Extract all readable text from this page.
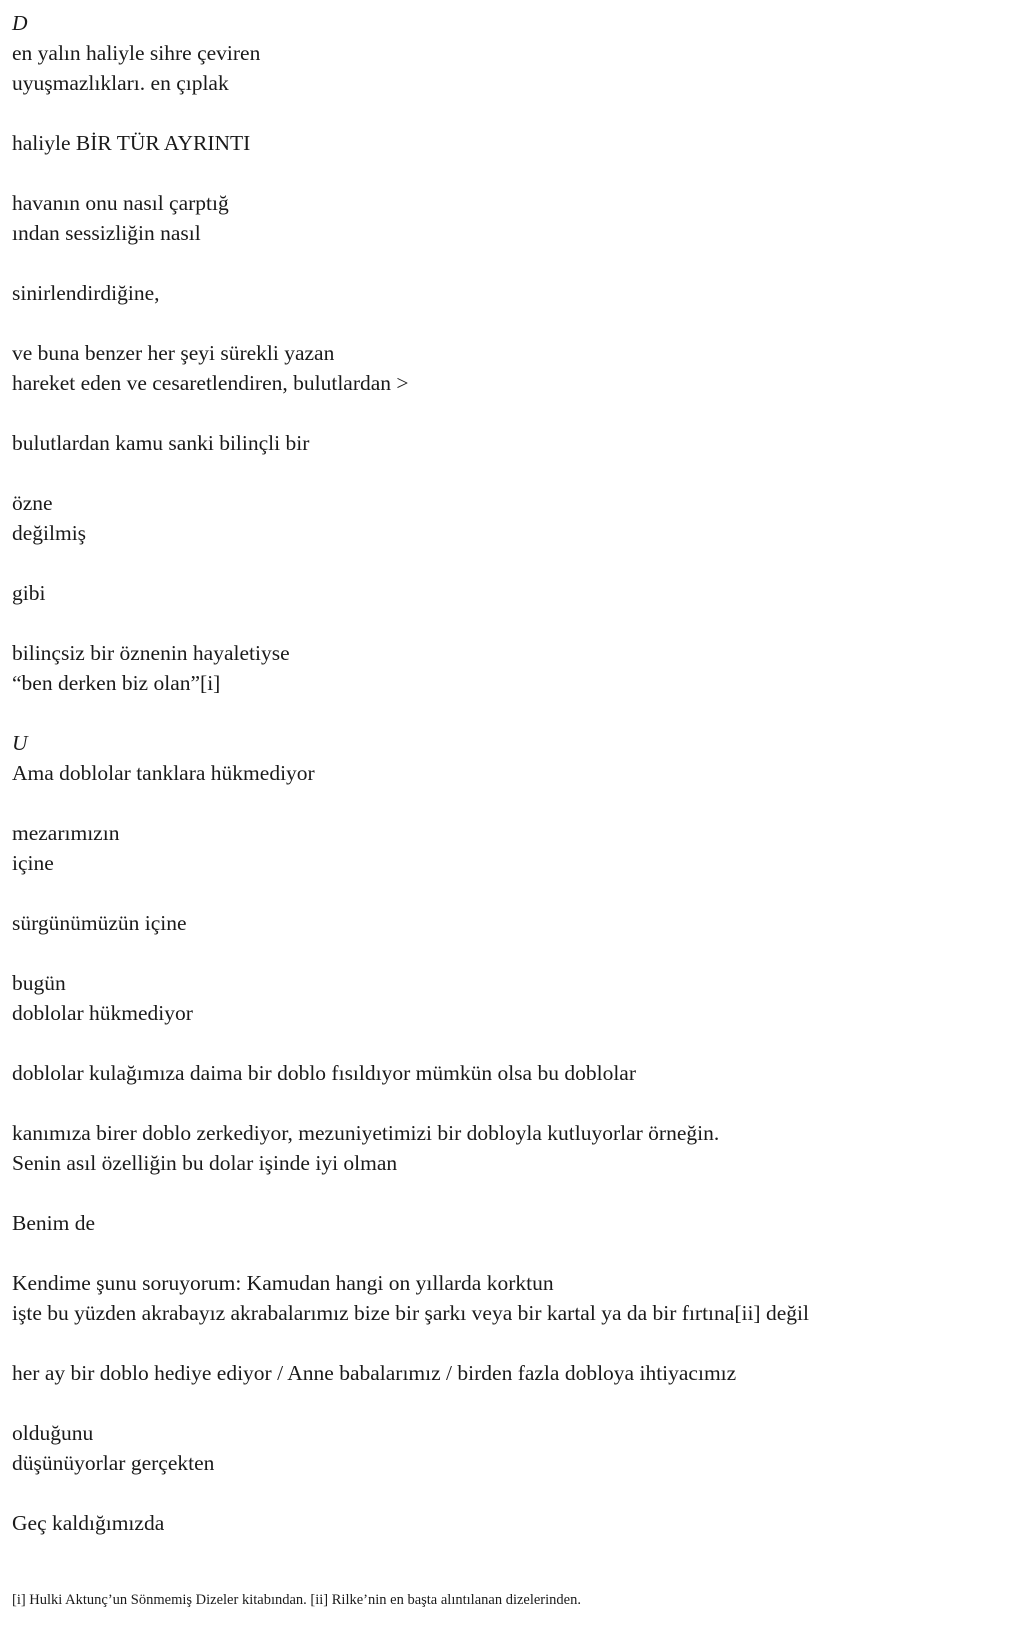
D
en yalın haliyle sihre çeviren
uyuşmazlıkları. en çıplak
haliyle BİR TÜR AYRINTI
havanın onu nasıl çarptığ
ından sessizliğin nasıl
sinirlendirdiğine,
ve buna benzer her şeyi sürekli yazan
hareket eden ve cesaretlendiren, bulutlardan >
bulutlardan kamu sanki bilinçli bir
özne
değilmiş
gibi
bilinçsiz bir öznenin hayaletiyse
“ben derken biz olan”[i]
U
Ama doblolar tanklara hükmediyor
mezarımızın
içine
sürgünümüzün içine
bugün
doblolar hükmediyor
doblolar kulağımıza daima bir doblo fısıldıyor mümkün olsa bu doblolar
kanımıza birer doblo zerkediyor, mezuniyetimizi bir dobloyla kutluyorlar örneğin.
Senin asıl özelliğin bu dolar işinde iyi olman
Benim de
Kendime şunu soruyorum: Kamudan hangi on yıllarda korktun
işte bu yüzden akrabayız akrabalarımız bize bir şarkı veya bir kartal ya da bir fırtına[ii] değil
her ay bir doblo hediye ediyor / Anne babalarımız / birden fazla dobloya ihtiyacımız
olduğunu
düşünüyorlar gerçekten
Geç kaldığımızda
[i] Hulki Aktunç’un Sönmemiş Dizeler kitabından. [ii] Rilke’nin en başta alıntılanan dizelerinden.
